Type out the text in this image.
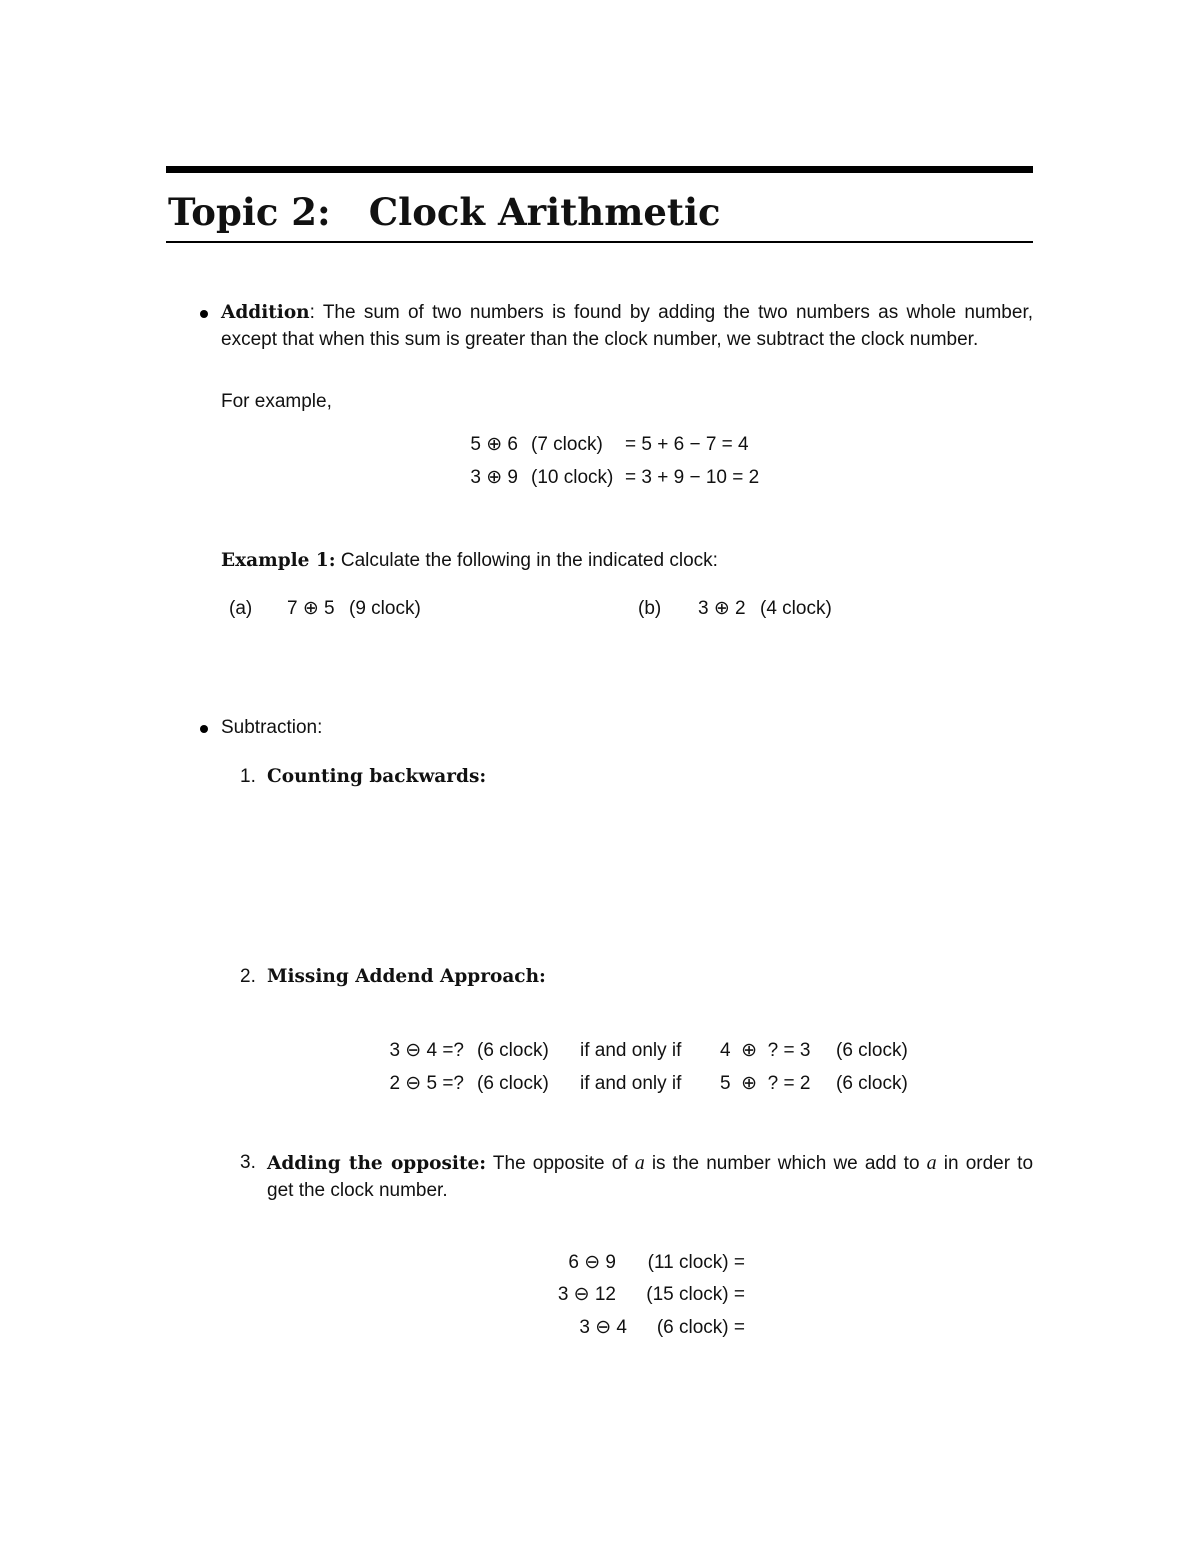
Topic 2: Clock Arithmetic
Addition: The sum of two numbers is found by adding the two numbers as whole number, except that when this sum is greater than the clock number, we subtract the clock number.
For example,
5 ⊕ 6 (7 clock) = 5 + 6 − 7 = 4
3 ⊕ 9 (10 clock) = 3 + 9 − 10 = 2
Example 1: Calculate the following in the indicated clock:
(a) 7 ⊕ 5 (9 clock)	(b) 3 ⊕ 2 (4 clock)
Subtraction:
1. Counting backwards:
2. Missing Addend Approach:
3 ⊖ 4 =? (6 clock) if and only if 4  ⊕  ? = 3 (6 clock)
2 ⊖ 5 =? (6 clock) if and only if 5  ⊕  ? = 2 (6 clock)
3. Adding the opposite: The opposite of a is the number which we add to a in order to get the clock number.
6 ⊖ 9	(11 clock) =
3 ⊖ 12	(15 clock) =
3 ⊖ 4	(6 clock) =
